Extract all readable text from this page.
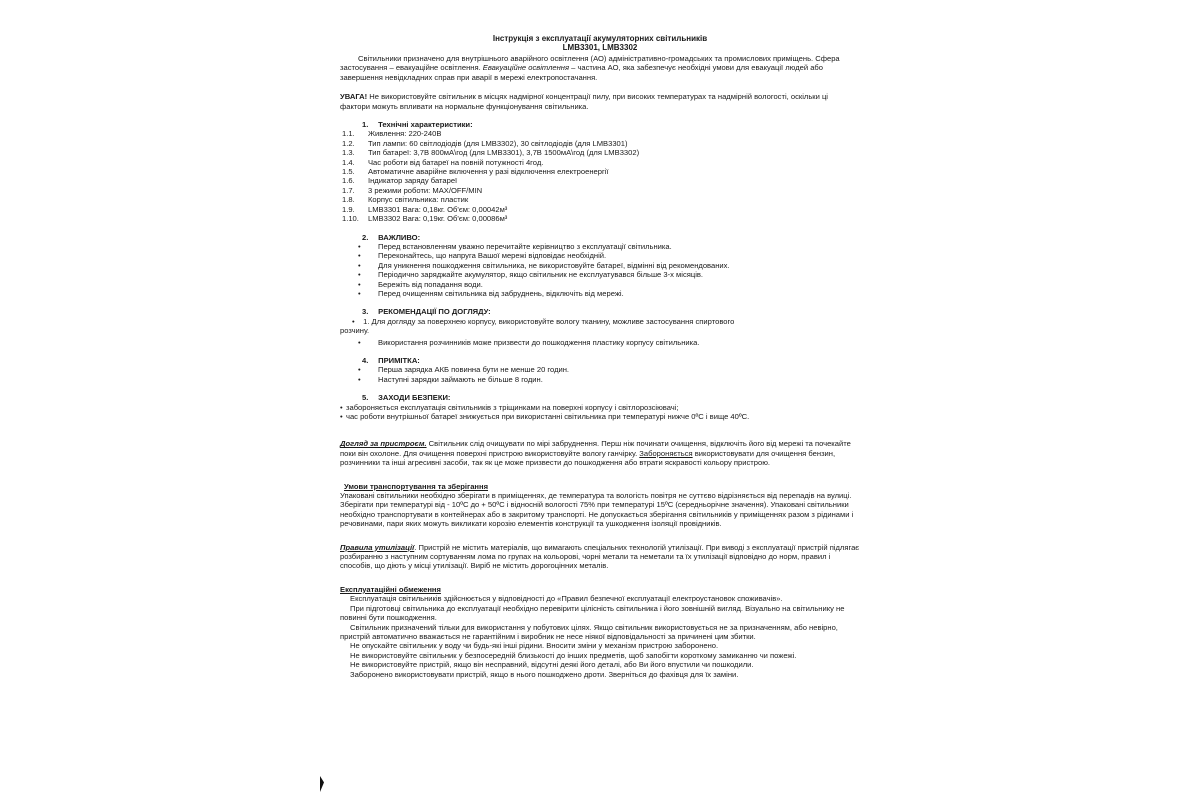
Інструкція з експлуатації акумуляторних світильників
LMB3301, LMB3302

Світильники призначено для внутрішнього аварійного освітлення (АО) адміністративно-громадських та промислових приміщень. Сфера застосування – евакуаційне освітлення. Евакуаційне освітлення – частина АО, яка забезпечує необхідні умови для евакуації людей або завершення невідкладних справ при аварії в мережі електропостачання.

УВАГА! Не використовуйте світильник в місцях надмірної концентрації пилу, при високих температурах та надмірній вологості, оскільки ці фактори можуть впливати на нормальне функціонування світильника.

1. Технічні характеристики:
1.1.	Живлення: 220-240В
1.2.	Тип лампи: 60 світлодіодів (для LMB3302), 30 світлодіодів (для LMB3301)
1.3.	Тип батареї: 3,7В 800мА\год (для LMB3301), 3,7В 1500мА\год (для LMB3302)
1.4.	Час роботи від батареї на повній потужності 4год.
1.5.	Автоматичне аварійне включення у разі відключення електроенергії
1.6.	Індикатор заряду батареї
1.7.	3 режими роботи: MAX/OFF/MIN
1.8.	Корпус світильника: пластик
1.9.	LMB3301 Вага: 0,18кг. Об'єм: 0,00042м³
1.10.	LMB3302 Вага: 0,19кг. Об'єм: 0,00086м³
2. ВАЖЛИВО:
•	Перед встановленням уважно перечитайте керівництво з експлуатації світильника.
•	Переконайтесь, що напруга Вашої мережі відповідає необхідній.
•	Для уникнення пошкодження світильника, не використовуйте батареї, відмінні від рекомендованих.
•	Періодично заряджайте акумулятор, якщо світильник не експлуатувався більше 3-х місяців.
•	Бережіть від попадання води.
•	Перед очищенням світильника від забруднень, відключіть від мережі.
3. РЕКОМЕНДАЦІЇ ПО ДОГЛЯДУ:
•    1. Для догляду за поверхнею корпусу, використовуйте вологу тканину, можливе застосування спиртового
розчину.
•	Використання розчинників може призвести до пошкодження пластику корпусу світильника.
4. ПРИМІТКА:
•	Перша зарядка АКБ повинна бути не менше 20 годин.
•	Наступні зарядки займають не більше 8 годин.
5. ЗАХОДИ БЕЗПЕКИ:
• забороняється експлуатація світильників з тріщинками на поверхні корпусу і світлорозсіювачі;
• час роботи внутрішньої батареї знижується при використанні світильника при температурі нижче 0ºС і вище 40ºС.

Догляд за пристроєм. Світильник слід очищувати по мірі забруднення. Перш ніж починати очищення, відключіть його від мережі та почекайте поки він охолоне. Для очищення поверхні пристрою використовуйте вологу ганчірку. Забороняється використовувати для очищення бензин, розчинники та інші агресивні засоби, так як це може призвести до пошкодження або втрати яскравості кольору пристрою.

Умови транспортування та зберігання

Упаковані світильники необхідно зберігати в приміщеннях, де температура та вологість повітря не суттєво відрізняється від перепадів на вулиці. Зберігати при температурі від - 10ºС до + 50ºС і відносній вологості 75% при температурі 15ºС (середньорічне значення). Упаковані світильники необхідно транспортувати в контейнерах або в закритому транспорті. Не допускається зберігання світильників у приміщеннях разом з рідинами і речовинами, пари яких можуть викликати корозію елементів конструкції та ушкодження ізоляції провідників.

Правила утилізації. Пристрій не містить матеріалів, що вимагають спеціальних технологій утилізації. При виводі з експлуатації пристрій підлягає розбиранню з наступним сортуванням лома по групах на кольорові, чорні метали та неметали та їх утилізації відповідно до норм, правил і способів, що діють у місці утилізації. Виріб не містить дорогоцінних металів.

Експлуатаційні обмеження

Експлуатація світильників здійснюється у відповідності до «Правил безпечної експлуатації електроустановок споживачів».

При підготовці світильника до експлуатації необхідно перевірити цілісність світильника і його зовнішній вигляд. Візуально на світильнику не повинні бути пошкодження.

Світильник призначений тільки для використання у побутових цілях. Якщо світильник використовується не за призначенням, або невірно, пристрій автоматично вважається не гарантійним і виробник не несе ніякої відповідальності за причинені цим збитки.

Не опускайте світильник у воду чи будь-які інші рідини. Вносити зміни у механізм пристрою заборонено.

Не використовуйте світильник у безпосередній близькості до інших предметів, щоб запобігти короткому замиканню чи пожежі.

Не використовуйте пристрій, якщо він несправний, відсутні деякі його деталі, або Ви його впустили чи пошкодили.

Заборонено використовувати пристрій, якщо в нього пошкоджено дроти. Зверніться до фахівця для їх заміни.
